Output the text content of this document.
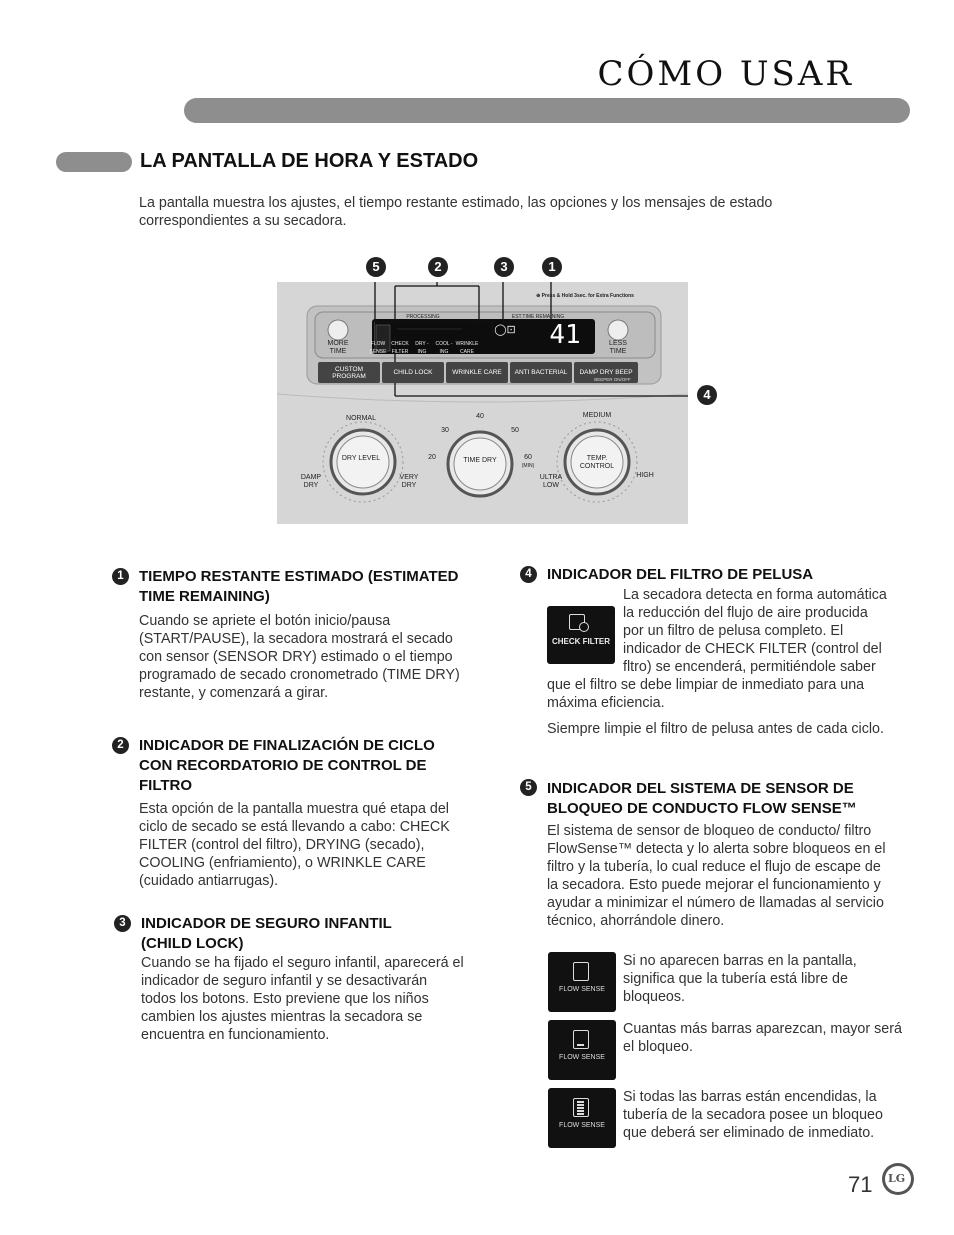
CÓMO USAR
LA PANTALLA DE HORA Y ESTADO
La pantalla muestra los ajustes, el tiempo restante estimado, las opciones y los mensajes de estado correspondientes a su secadora.
⊕ Press & Hold 3sec. for Extra Functions
PROCESSING	EST.TIME REMAINING
MORE TIME
LESS TIME
FLOW SENSE
CHECK FILTER
DRY -ING
COOL -ING
WRINKLE CARE
41
◯⊡
CUSTOM PROGRAM	CHILD LOCK	WRINKLE CARE	ANTI BACTERIAL	DAMP DRY BEEP
BEEPER ON/OFF
DRY LEVEL
NORMAL
DAMP DRY
VERY DRY
TIME DRY
40
30	50
20	60
(MIN)
TEMP. CONTROL
MEDIUM
ULTRA LOW
HIGH
5	2	3	1
4
1	TIEMPO RESTANTE ESTIMADO (ESTIMATED TIME REMAINING)
Cuando se apriete el botón inicio/pausa (START/PAUSE), la secadora mostrará el secado con sensor (SENSOR DRY) estimado o el tiempo programado de secado cronometrado (TIME DRY) restante, y comenzará a girar.
2	INDICADOR DE FINALIZACIÓN DE CICLO CON RECORDATORIO DE CONTROL DE FILTRO
Esta opción de la pantalla muestra qué etapa del ciclo de secado se está llevando a cabo: CHECK FILTER (control del filtro), DRYING (secado), COOLING (enfriamiento), o WRINKLE CARE (cuidado antiarrugas).
3	INDICADOR DE SEGURO INFANTIL (CHILD LOCK)
Cuando se ha fijado el seguro infantil, aparecerá el indicador de seguro infantil y se desactivarán todos los botons. Esto previene que los niños cambien los ajustes mientras la secadora se encuentra en funcionamiento.
4	INDICADOR DEL FILTRO DE PELUSA
CHECK FILTER
La secadora detecta en forma automática la reducción del flujo de aire producida por un filtro de pelusa completo. El indicador de CHECK FILTER (control del fltro) se encenderá, permitiéndole saber que el filtro se debe limpiar de inmediato para una máxima eficiencia.
Siempre limpie el filtro de pelusa antes de cada ciclo.
5	INDICADOR DEL SISTEMA DE SENSOR DE BLOQUEO DE CONDUCTO FLOW SENSE™
El sistema de sensor de bloqueo de conducto/ filtro FlowSense™ detecta y lo alerta sobre bloqueos en el filtro y la tubería, lo cual reduce el flujo de escape de la secadora. Esto puede mejorar el funcionamiento y ayudar a minimizar el número de llamadas al servicio técnico, ahorrándole dinero.
FLOW SENSE
Si no aparecen barras en la pantalla, significa que la tubería está libre de bloqueos.
FLOW SENSE
Cuantas más barras aparezcan, mayor será el bloqueo.
FLOW SENSE
Si todas las barras están encendidas, la tubería de la secadora posee un bloqueo que deberá ser eliminado de inmediato.
71 LG
